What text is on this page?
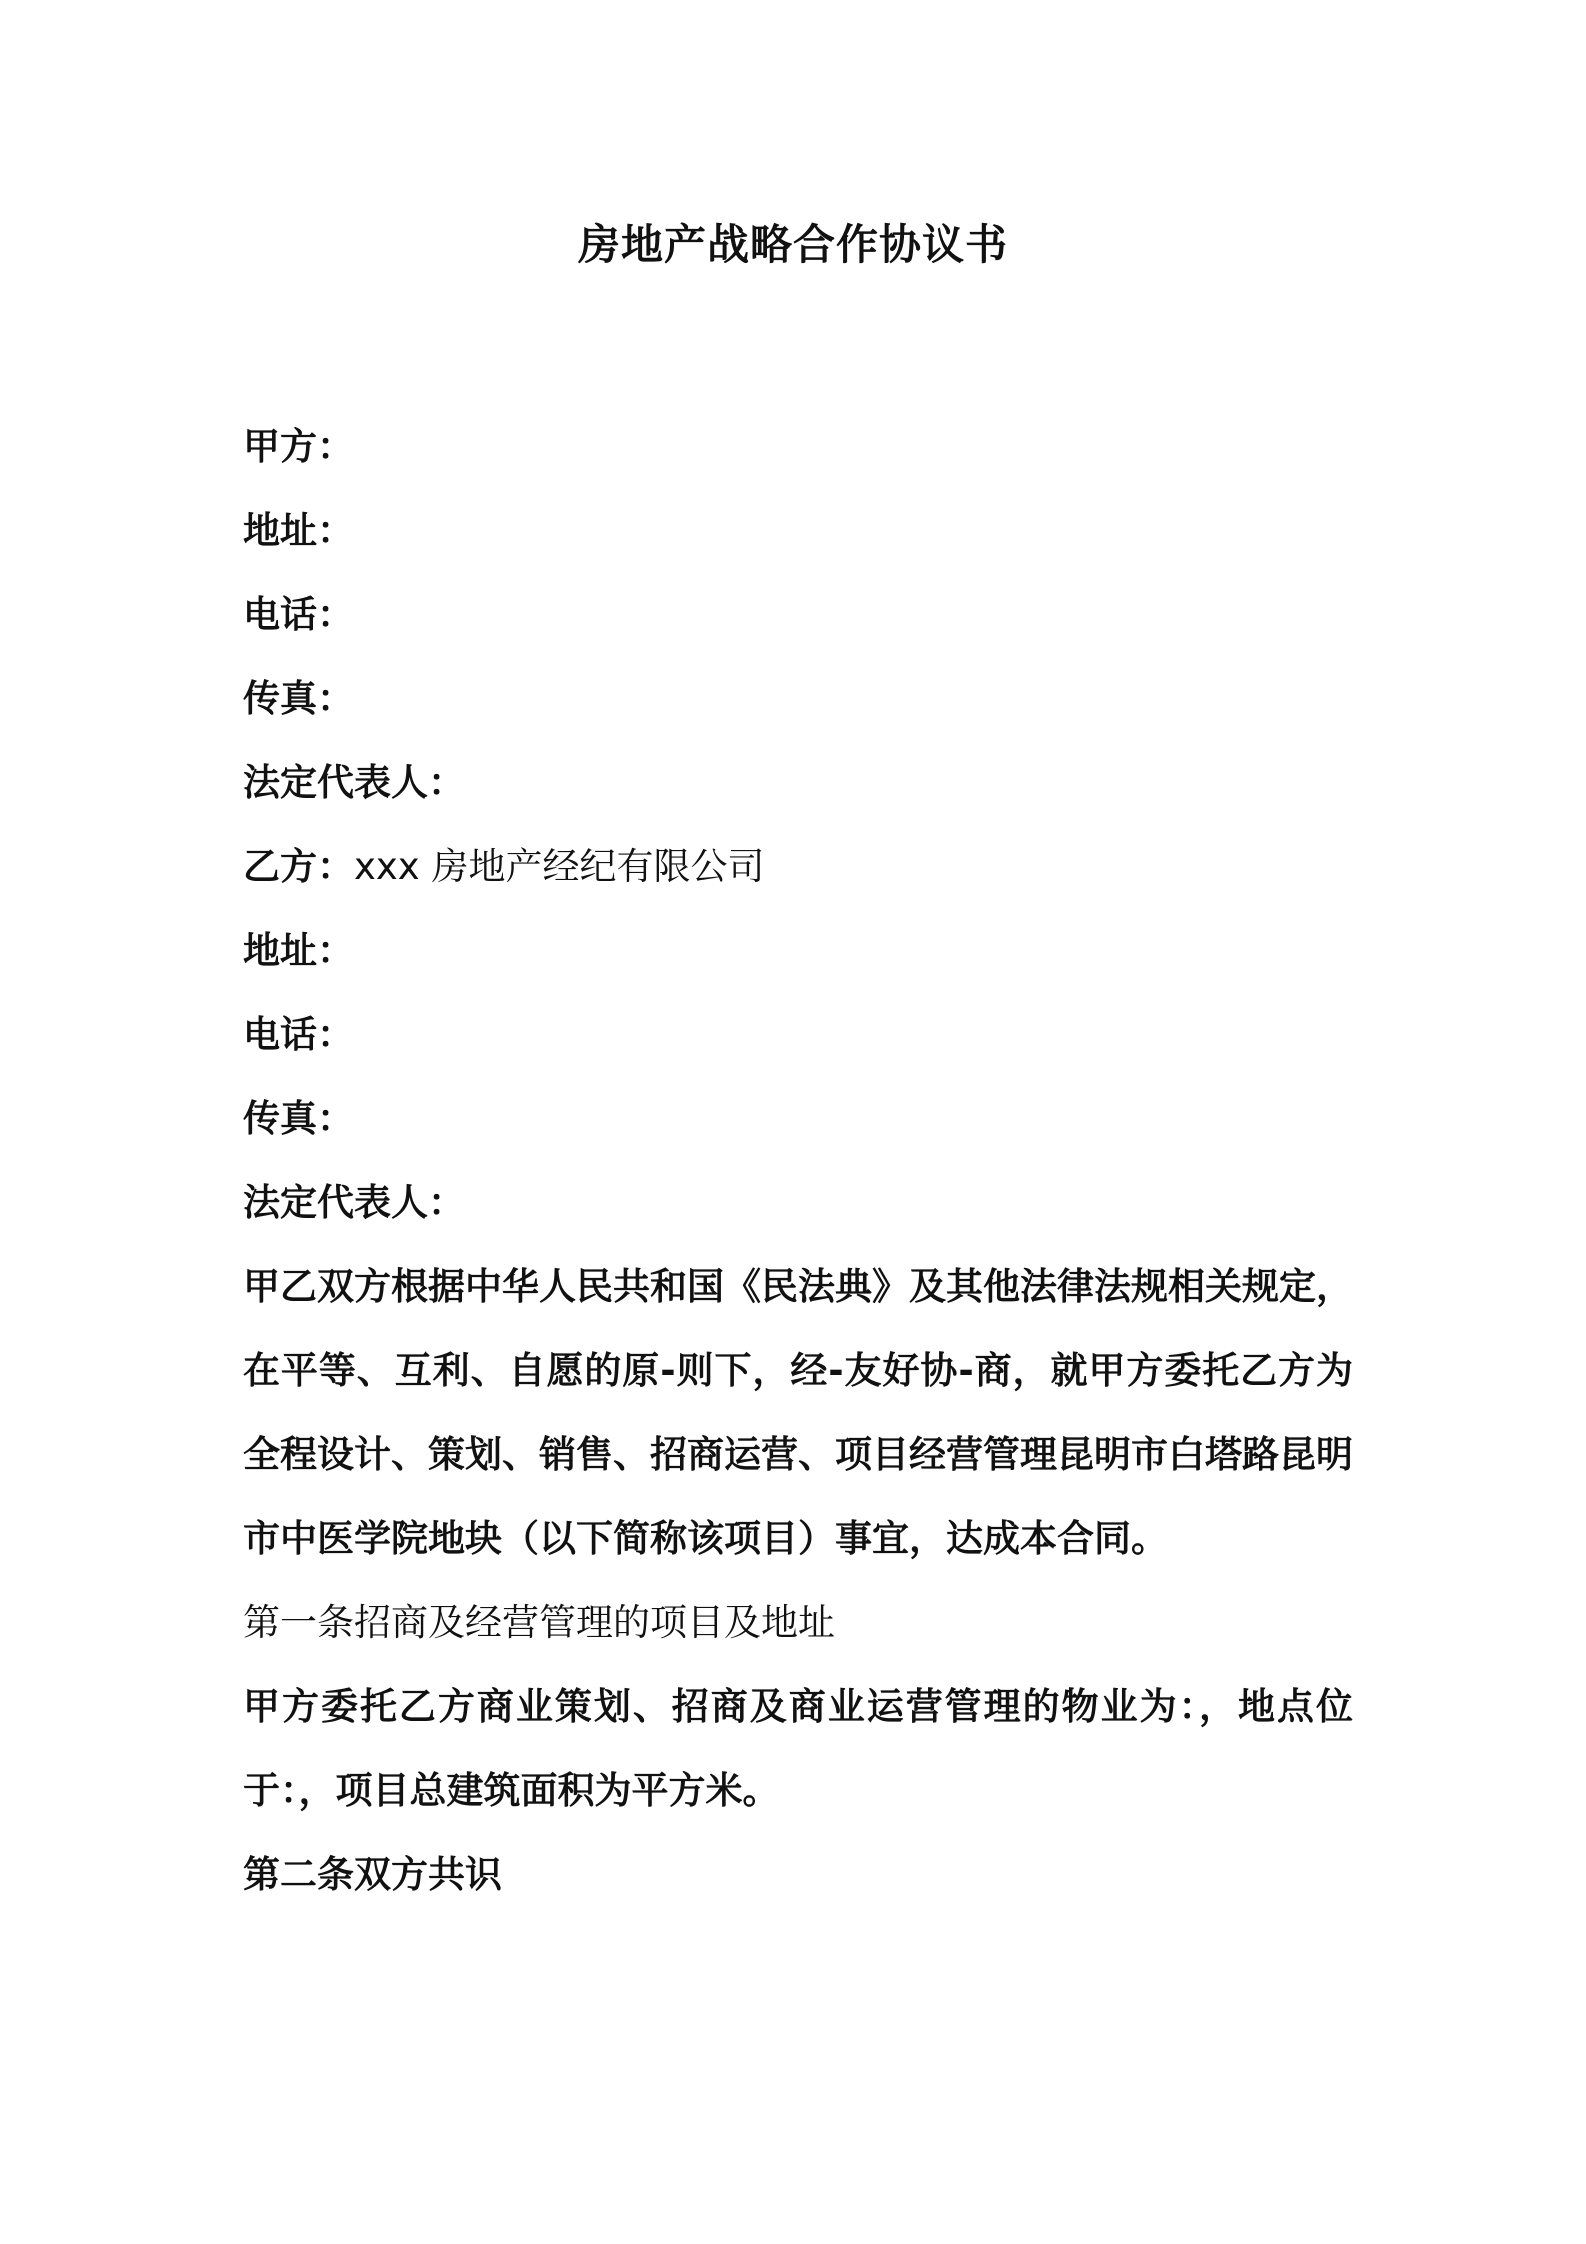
房地产战略合作协议书
甲方：
地址：
电话：
传真：
法定代表人：
乙方：xxx 房地产经纪有限公司
地址：
电话：
传真：
法定代表人：
甲乙双方根据中华人民共和国《民法典》及其他法律法规相关规定，在平等、互利、自愿的原-则下，经-友好协-商，就甲方委托乙方为全程设计、策划、销售、招商运营、项目经营管理昆明市白塔路昆明市中医学院地块（以下简称该项目）事宜，达成本合同。
第一条招商及经营管理的项目及地址
甲方委托乙方商业策划、招商及商业运营管理的物业为：，地点位于：，项目总建筑面积为平方米。
第二条双方共识
